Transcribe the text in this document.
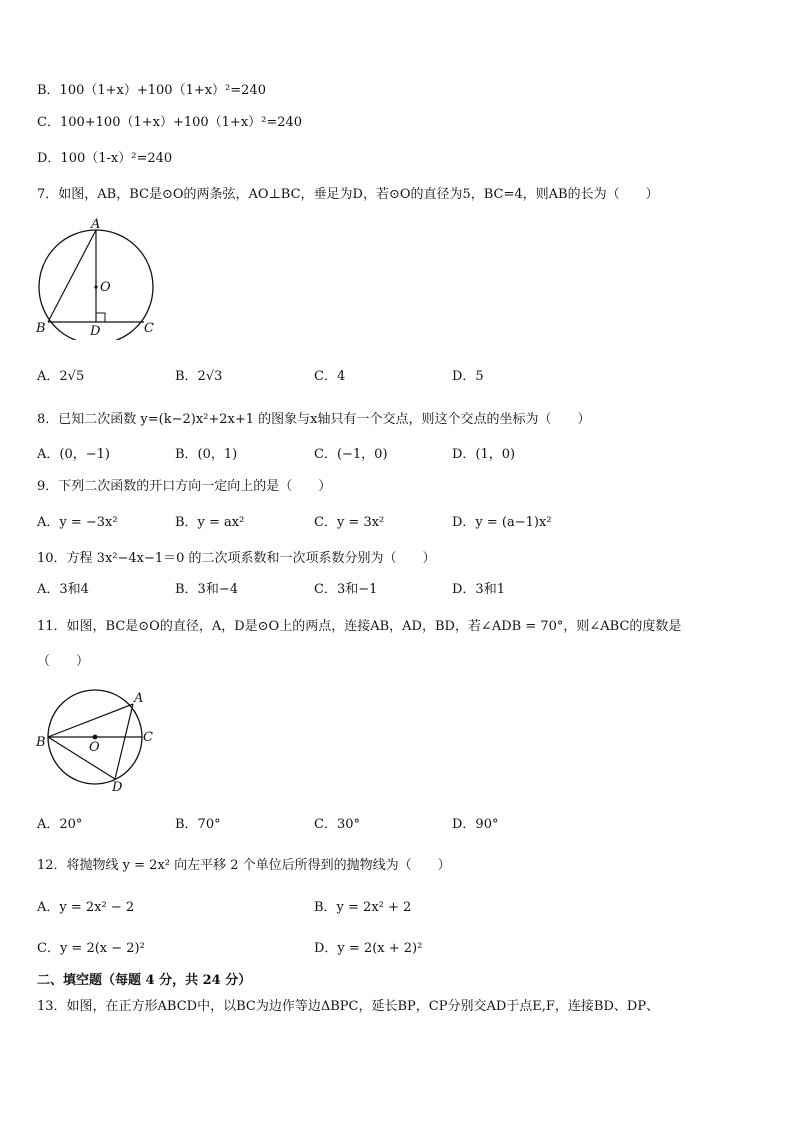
B．100（1+x）+100（1+x）²=240
C．100+100（1+x）+100（1+x）²=240
D．100（1-x）²=240
7．如图，AB，BC是⊙O的两条弦，AO⊥BC，垂足为D，若⊙O的直径为5，BC=4，则AB的长为（　　）
A
O
B	D	C
A．2√5	B．2√3	C．4	D．5
8．已知二次函数 y=(k−2)x²+2x+1 的图象与x轴只有一个交点，则这个交点的坐标为（　　）
A．(0，−1)	B．(0，1)	C．(−1，0)	D．(1，0)
9．下列二次函数的开口方向一定向上的是（　　）
A．y = −3x²	B．y = ax²	C．y = 3x²	D．y = (a−1)x²
10．方程 3x²−4x−1＝0 的二次项系数和一次项系数分别为（　　）
A．3和4	B．3和−4	C．3和−1	D．3和1
11．如图，BC是⊙O的直径，A，D是⊙O上的两点，连接AB，AD，BD，若∠ADB = 70°，则∠ABC的度数是
（　　）
A
B	O
C
D
A．20°	B．70°	C．30°	D．90°
12．将抛物线 y = 2x² 向左平移 2 个单位后所得到的抛物线为（　　）
A．y = 2x² − 2	B．y = 2x² + 2
C．y = 2(x − 2)²	D．y = 2(x + 2)²
二、填空题（每题 4 分，共 24 分）
13．如图，在正方形ABCD中，以BC为边作等边ΔBPC，延长BP，CP分别交AD于点E,F，连接BD、DP、
